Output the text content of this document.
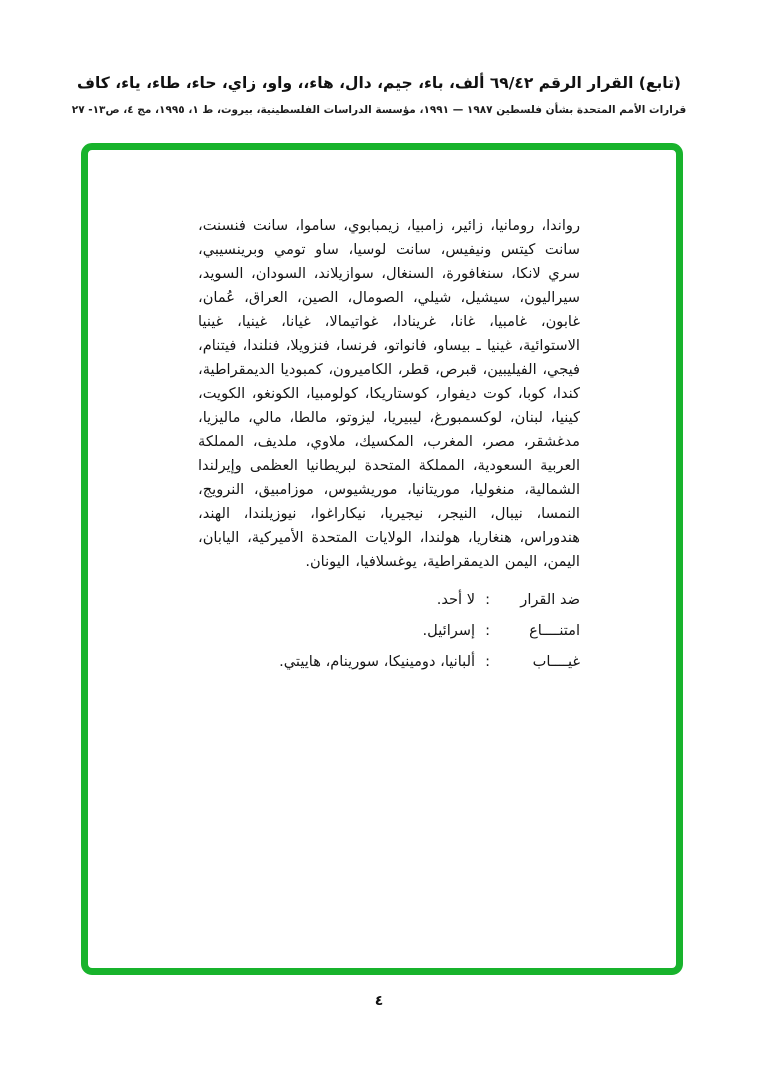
(تابع) القرار الرقم ٦٩/٤٢ ألف، باء، جيم، دال، هاء،، واو، زاي، حاء، طاء، ياء، كاف
قرارات الأمم المتحدة بشأن فلسطين ١٩٨٧ — ١٩٩١، مؤسسة الدراسات الفلسطينية، بيروت، ط ١، ١٩٩٥، مج ٤، ص١٣- ٢٧
رواندا، رومانيا، زائير، زامبيا، زيمبابوي، ساموا، سانت فنسنت، سانت كيتس ونيفيس، سانت لوسيا، ساو تومي وبرينسيبي، سري لانكا، سنغافورة، السنغال، سوازيلاند، السودان، السويد، سيراليون، سيشيل، شيلي، الصومال، الصين، العراق، عُمان، غابون، غامبيا، غانا، غرينادا، غواتيمالا، غيانا، غينيا، غينيا الاستوائية، غينيا ـ بيساو، فانواتو، فرنسا، فنزويلا، فنلندا، فيتنام، فيجي، الفيليبين، قبرص، قطر، الكاميرون، كمبوديا الديمقراطية، كندا، كوبا، كوت ديفوار، كوستاريكا، كولومبيا، الكونغو، الكويت، كينيا، لبنان، لوكسمبورغ، ليبيريا، ليزوتو، مالطا، مالي، ماليزيا، مدغشقر، مصر، المغرب، المكسيك، ملاوي، ملديف، المملكة العربية السعودية، المملكة المتحدة لبريطانيا العظمى وإيرلندا الشمالية، منغوليا، موريتانيا، موريشيوس، موزامبيق، النرويج، النمسا، نيبال، النيجر، نيجيريا، نيكاراغوا، نيوزيلندا، الهند، هندوراس، هنغاريا، هولندا، الولايات المتحدة الأميركية، اليابان، اليمن، اليمن الديمقراطية، يوغسلافيا، اليونان.
ضد القرار
:
لا أحد.
امتنــــاع
:
إسرائيل.
غيــــاب
:
ألبانيا، دومينيكا، سورينام، هاييتي.
٤
